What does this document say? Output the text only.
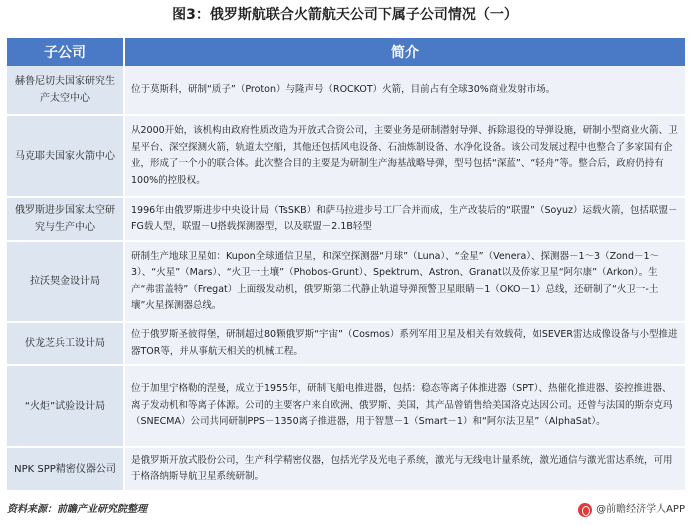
图3：俄罗斯航联合火箭航天公司下属子公司情况（一）
子公司	简介
赫鲁尼切夫国家研究生产太空中心	位于莫斯科，研制“质子”（Proton）与隆声号（ROCKOT）火箭，目前占有全球30%商业发射市场。
马克耶夫国家火箭中心	从2000开始，该机构由政府性质改造为开放式合资公司，主要业务是研制潜射导弹、拆除退役的导弹设施，研制小型商业火箭、卫星平台、深空探测火箭，轨道太空船，其他还包括风电设备、石油炼制设备、水净化设备。该公司发展过程中也整合了多家国有企业，形成了一个小的联合体。此次整合目的主要是为研制生产海基战略导弹，型号包括“深蓝”、“轻舟”等。整合后，政府仍持有100%的控股权。
俄罗斯进步国家太空研究与生产中心	1996年由俄罗斯进步中央设计局（TsSKB）和萨马拉进步号工厂合并而成，生产改装后的“联盟”（Soyuz）运载火箭，包括联盟－FG载人型，联盟－U搭载探测器型，以及联盟－2.1B轻型
拉沃契金设计局	研制生产地球卫星如：Kupon全球通信卫星，和深空探测器“月球”（Luna）、“金星”（Venera）、探测器－1～3（Zond－1～3）、“火星”（Mars）、“火卫一土壤”（Phobos-Grunt）、Spektrum、Astron、Granat以及侨家卫星“阿尔康”（Arkon）。生产“弗雷盖特”（Fregat）上面级发动机，俄罗斯第二代静止轨道导弹预警卫星眼睛－1（OKO－1）总线，还研制了“火卫一-土壤”火星探测器总线。
伏龙芝兵工设计局	位于俄罗斯圣彼得堡，研制超过80颗俄罗斯“宇宙”（Cosmos）系列军用卫星及相关有效载荷，如SEVER雷达成像设备与小型推进器TOR等，并从事航天相关的机械工程。
“火炬”试验设计局	位于加里宁格勒的涅曼，成立于1955年，研制飞船电推进器，包括：稳态等离子体推进器（SPT）、热催化推进器、姿控推进器、离子发动机和等离子体源。公司的主要客户来自欧洲、俄罗斯、美国，其产品曾销售给美国洛克达因公司。还曾与法国的斯奈克玛（SNECMA）公司共同研制PPS－1350离子推进器，用于智慧－1（Smart－1）和“阿尔法卫星”（AlphaSat）。
NPK SPP精密仪器公司	是俄罗斯开放式股份公司，生产科学精密仪器，包括光学及光电子系统，激光与无线电计量系统，激光通信与激光雷达系统，可用于格洛纳斯导航卫星系统研制。
资料来源：前瞻产业研究院整理	@前瞻经济学人APP
